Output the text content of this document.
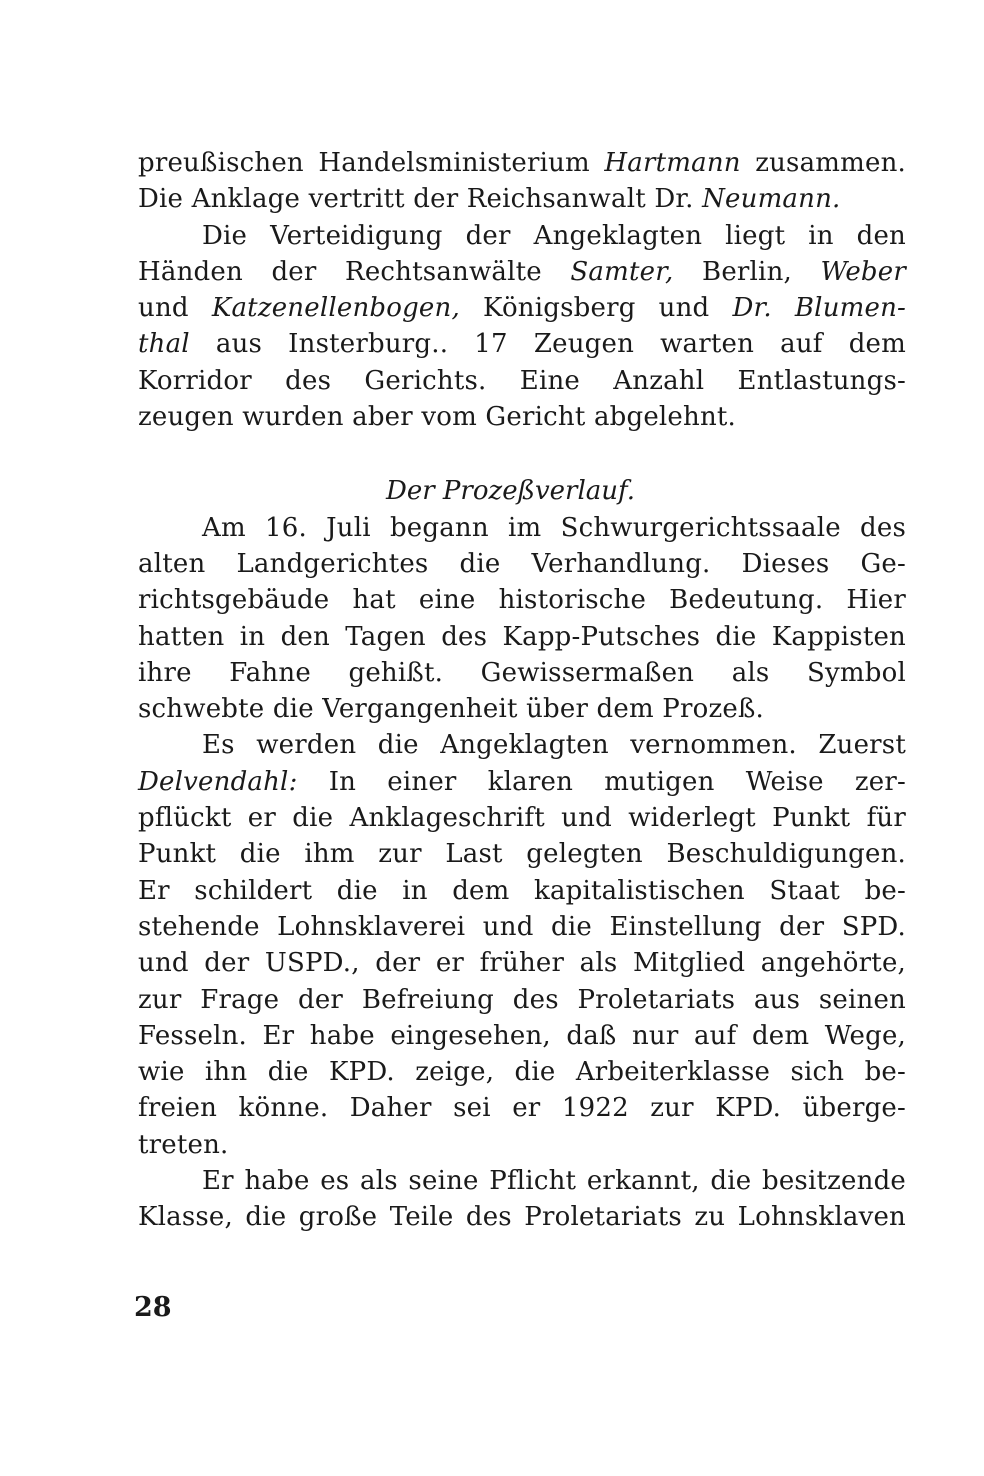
preußischen Handelsministerium Hartmann zusammen.
Die Anklage vertritt der Reichsanwalt Dr. Neumann.
Die Verteidigung der Angeklagten liegt in den
Händen der Rechtsanwälte Samter, Berlin, Weber
und Katzenellenbogen, Königsberg und Dr. Blumen-
thal aus Insterburg.. 17 Zeugen warten auf dem
Korridor des Gerichts. Eine Anzahl Entlastungs-
zeugen wurden aber vom Gericht abgelehnt.
Der Prozeßverlauf.
Am 16. Juli begann im Schwurgerichtssaale des
alten Landgerichtes die Verhandlung. Dieses Ge-
richtsgebäude hat eine historische Bedeutung. Hier
hatten in den Tagen des Kapp-Putsches die Kappisten
ihre Fahne gehißt. Gewissermaßen als Symbol
schwebte die Vergangenheit über dem Prozeß.
Es werden die Angeklagten vernommen. Zuerst
Delvendahl: In einer klaren mutigen Weise zer-
pflückt er die Anklageschrift und widerlegt Punkt für
Punkt die ihm zur Last gelegten Beschuldigungen.
Er schildert die in dem kapitalistischen Staat be-
stehende Lohnsklaverei und die Einstellung der SPD.
und der USPD., der er früher als Mitglied angehörte,
zur Frage der Befreiung des Proletariats aus seinen
Fesseln. Er habe eingesehen, daß nur auf dem Wege,
wie ihn die KPD. zeige, die Arbeiterklasse sich be-
freien könne. Daher sei er 1922 zur KPD. überge-
treten.
Er habe es als seine Pflicht erkannt, die besitzende
Klasse, die große Teile des Proletariats zu Lohnsklaven
28
